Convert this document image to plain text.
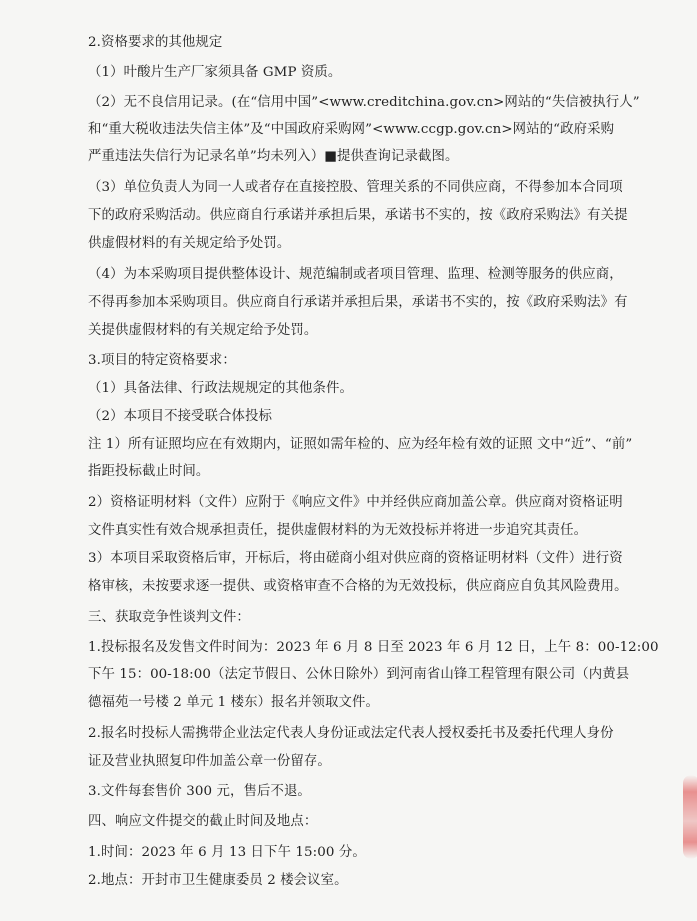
2.资格要求的其他规定
（1）叶酸片生产厂家须具备 GMP 资质。
（2）无不良信用记录。(在“信用中国”<www.creditchina.gov.cn>网站的“失信被执行人”
和“重大税收违法失信主体”及“中国政府采购网”<www.ccgp.gov.cn>网站的“政府采购
严重违法失信行为记录名单”均未列入）■提供查询记录截图。
（3）单位负责人为同一人或者存在直接控股、管理关系的不同供应商，不得参加本合同项
下的政府采购活动。供应商自行承诺并承担后果，承诺书不实的，按《政府采购法》有关提
供虚假材料的有关规定给予处罚。
（4）为本采购项目提供整体设计、规范编制或者项目管理、监理、检测等服务的供应商，
不得再参加本采购项目。供应商自行承诺并承担后果，承诺书不实的，按《政府采购法》有
关提供虚假材料的有关规定给予处罚。
3.项目的特定资格要求：
（1）具备法律、行政法规规定的其他条件。
（2）本项目不接受联合体投标
注 1）所有证照均应在有效期内，证照如需年检的、应为经年检有效的证照 文中“近”、“前”
指距投标截止时间。
2）资格证明材料（文件）应附于《响应文件》中并经供应商加盖公章。供应商对资格证明
文件真实性有效合规承担责任，提供虚假材料的为无效投标并将进一步追究其责任。
3）本项目采取资格后审，开标后，将由磋商小组对供应商的资格证明材料（文件）进行资
格审核，未按要求逐一提供、或资格审查不合格的为无效投标，供应商应自负其风险费用。
三、获取竞争性谈判文件：
1.投标报名及发售文件时间为：2023 年 6 月 8 日至 2023 年 6 月 12 日，上午 8：00-12:00
下午 15：00-18:00（法定节假日、公休日除外）到河南省山锋工程管理有限公司（内黄县
德福苑一号楼 2 单元 1 楼东）报名并领取文件。
2.报名时投标人需携带企业法定代表人身份证或法定代表人授权委托书及委托代理人身份
证及营业执照复印件加盖公章一份留存。
3.文件每套售价 300 元，售后不退。
四、响应文件提交的截止时间及地点：
1.时间：2023 年 6 月 13 日下午 15:00 分。
2.地点：开封市卫生健康委员 2 楼会议室。
